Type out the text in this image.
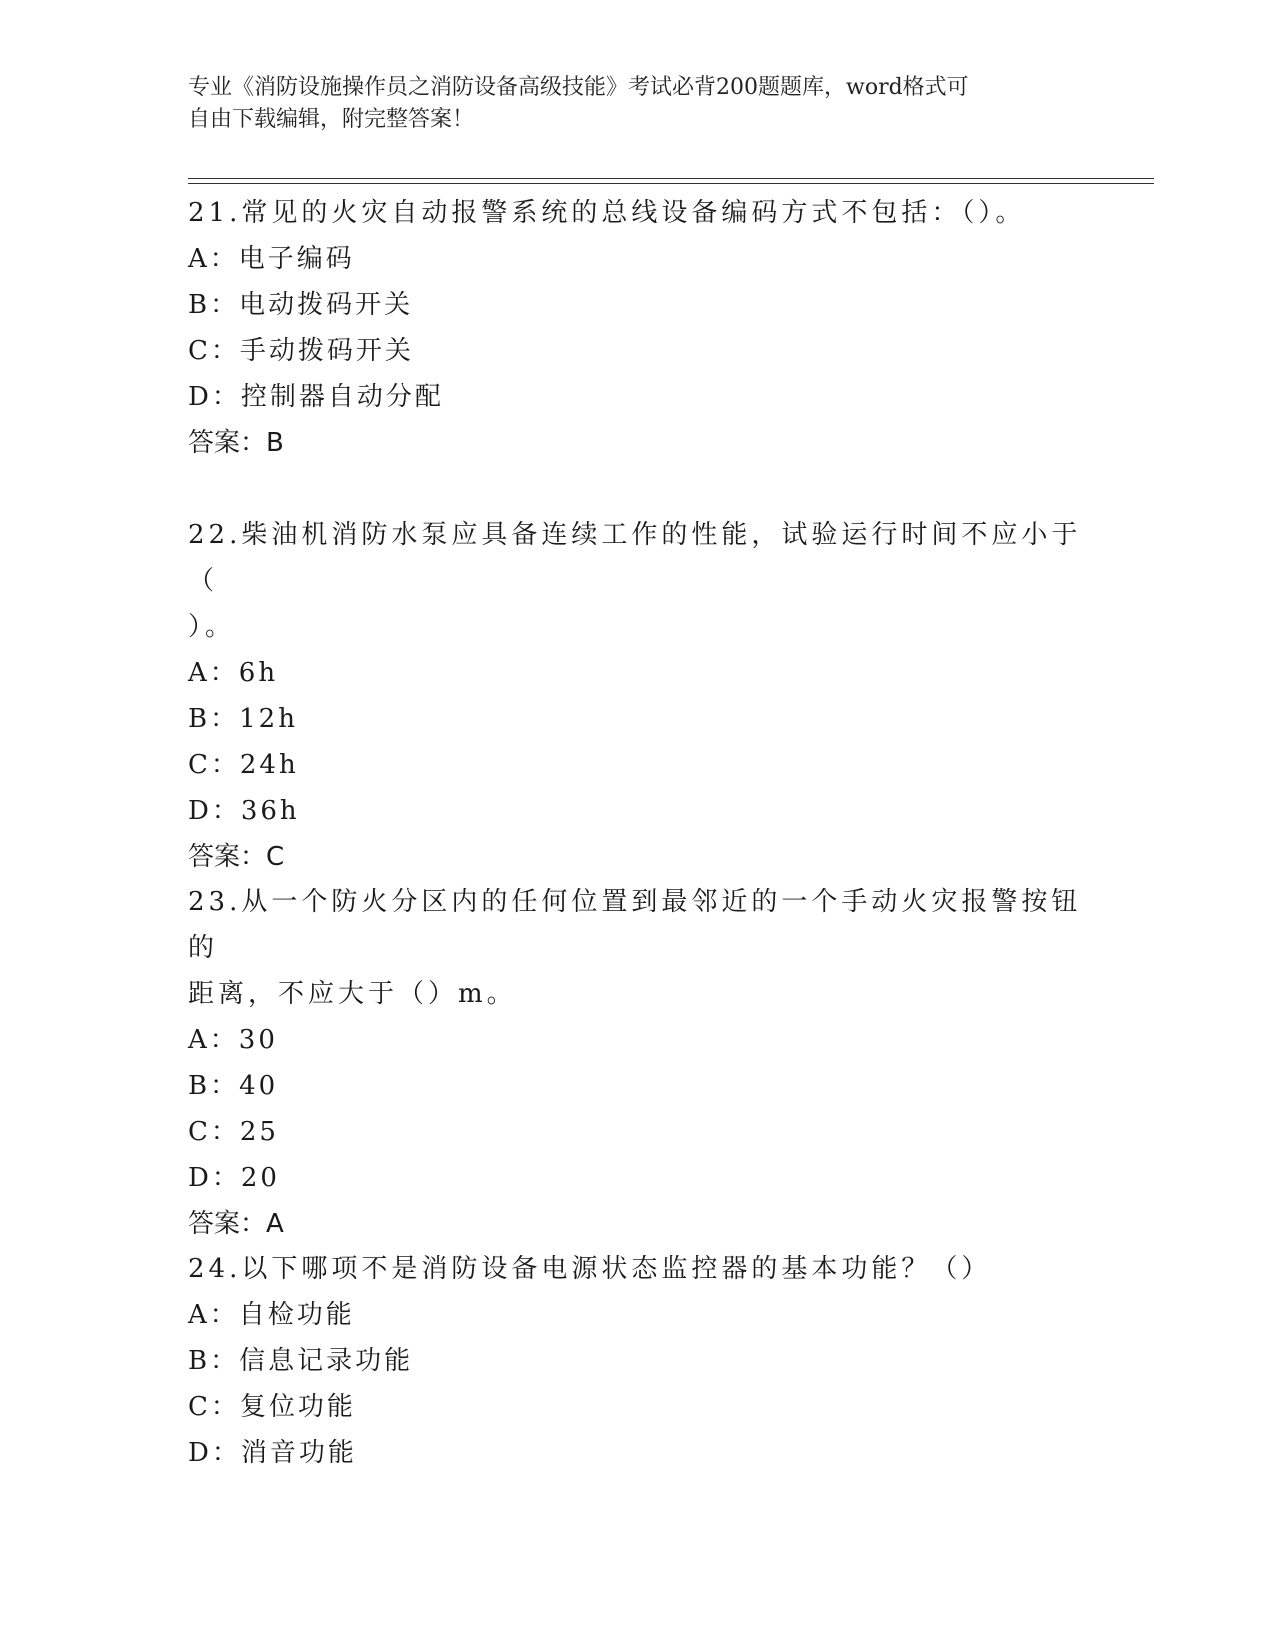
专业《消防设施操作员之消防设备高级技能》考试必背200题题库，word格式可
自由下载编辑，附完整答案！
21.常见的火灾自动报警系统的总线设备编码方式不包括：（）。
A：电子编码
B：电动拨码开关
C：手动拨码开关
D：控制器自动分配
答案：B
22.柴油机消防水泵应具备连续工作的性能，试验运行时间不应小于（
）。
A：6h
B：12h
C：24h
D：36h
答案：C
23.从一个防火分区内的任何位置到最邻近的一个手动火灾报警按钮的
距离，不应大于（）m。
A：30
B：40
C：25
D：20
答案：A
24.以下哪项不是消防设备电源状态监控器的基本功能？（）
A：自检功能
B：信息记录功能
C：复位功能
D：消音功能
